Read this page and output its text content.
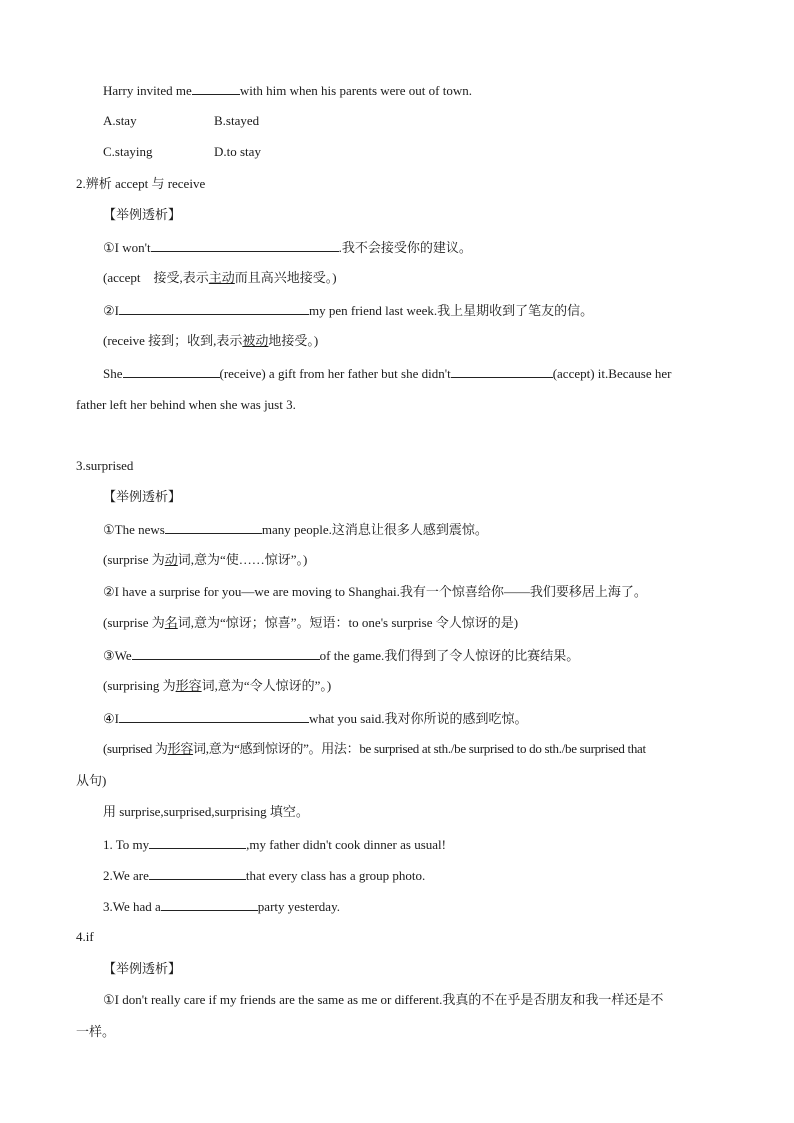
Harry invited me	with him when his parents were out of town.
A.stay	B.stayed
C.staying	D.to stay
2.辨析 accept 与 receive
【举例透析】
①I won't	.我不会接受你的建议。
(accept　接受,表示主动而且高兴地接受。)
②I	my pen friend last week.我上星期收到了笔友的信。
(receive 接到；收到,表示被动地接受。)
She	(receive) a gift from her father but she didn't	(accept) it.Because her
father left her behind when she was just 3.
3.surprised
【举例透析】
①The news	many people.这消息让很多人感到震惊。
(surprise 为动词,意为“使……惊讶”。)
②I have a surprise for you—we are moving to Shanghai.我有一个惊喜给你——我们要移居上海了。
(surprise 为名词,意为“惊讶；惊喜”。短语：to one's surprise 令人惊讶的是)
③We	of the game.我们得到了令人惊讶的比赛结果。
(surprising 为形容词,意为“令人惊讶的”。)
④I	what you said.我对你所说的感到吃惊。
(surprised 为形容词,意为“感到惊讶的”。用法：be surprised at sth./be surprised to do sth./be surprised that
从句)
用 surprise,surprised,surprising 填空。
1. To my	,my father didn't cook dinner as usual!
2.We are	that every class has a group photo.
3.We had a	party yesterday.
4.if
【举例透析】
①I don't really care if my friends are the same as me or different.我真的不在乎是否朋友和我一样还是不
一样。
